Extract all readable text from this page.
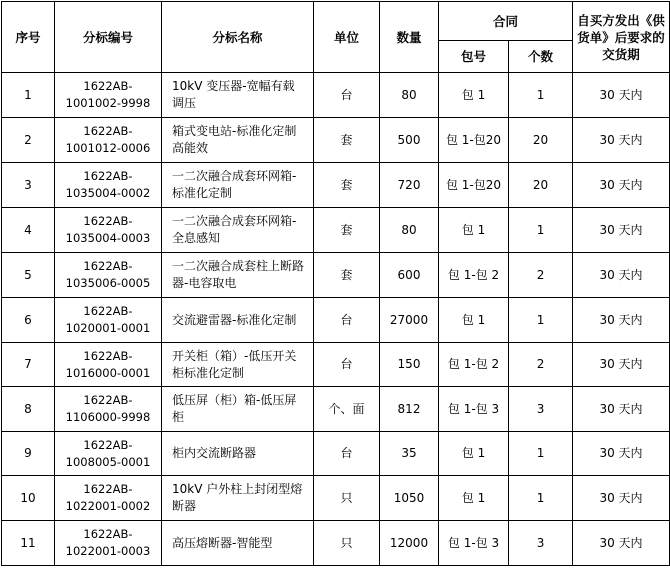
序号	分标编号	分标名称	单位	数量	合同		自买方发出《供货单》后要求的交货期
					包号	个数	
1	1622AB-1001002-9998	10kV 变压器-宽幅有载调压	台	80	包 1	1	30 天内
2	1622AB-1001012-0006	箱式变电站-标准化定制高能效	套	500	包 1-包20	20	30 天内
3	1622AB-1035004-0002	一二次融合成套环网箱-标准化定制	套	720	包 1-包20	20	30 天内
4	1622AB-1035004-0003	一二次融合成套环网箱-全息感知	套	80	包 1	1	30 天内
5	1622AB-1035006-0005	一二次融合成套柱上断路器-电容取电	套	600	包 1-包 2	2	30 天内
6	1622AB-1020001-0001	交流避雷器-标准化定制	台	27000	包 1	1	30 天内
7	1622AB-1016000-0001	开关柜（箱）-低压开关柜标准化定制	台	150	包 1-包 2	2	30 天内
8	1622AB-1106000-9998	低压屏（柜）箱-低压屏柜	个、面	812	包 1-包 3	3	30 天内
9	1622AB-1008005-0001	柜内交流断路器	台	35	包 1	1	30 天内
10	1622AB-1022001-0002	10kV 户外柱上封闭型熔断器	只	1050	包 1	1	30 天内
11	1622AB-1022001-0003	高压熔断器-智能型	只	12000	包 1-包 3	3	30 天内
